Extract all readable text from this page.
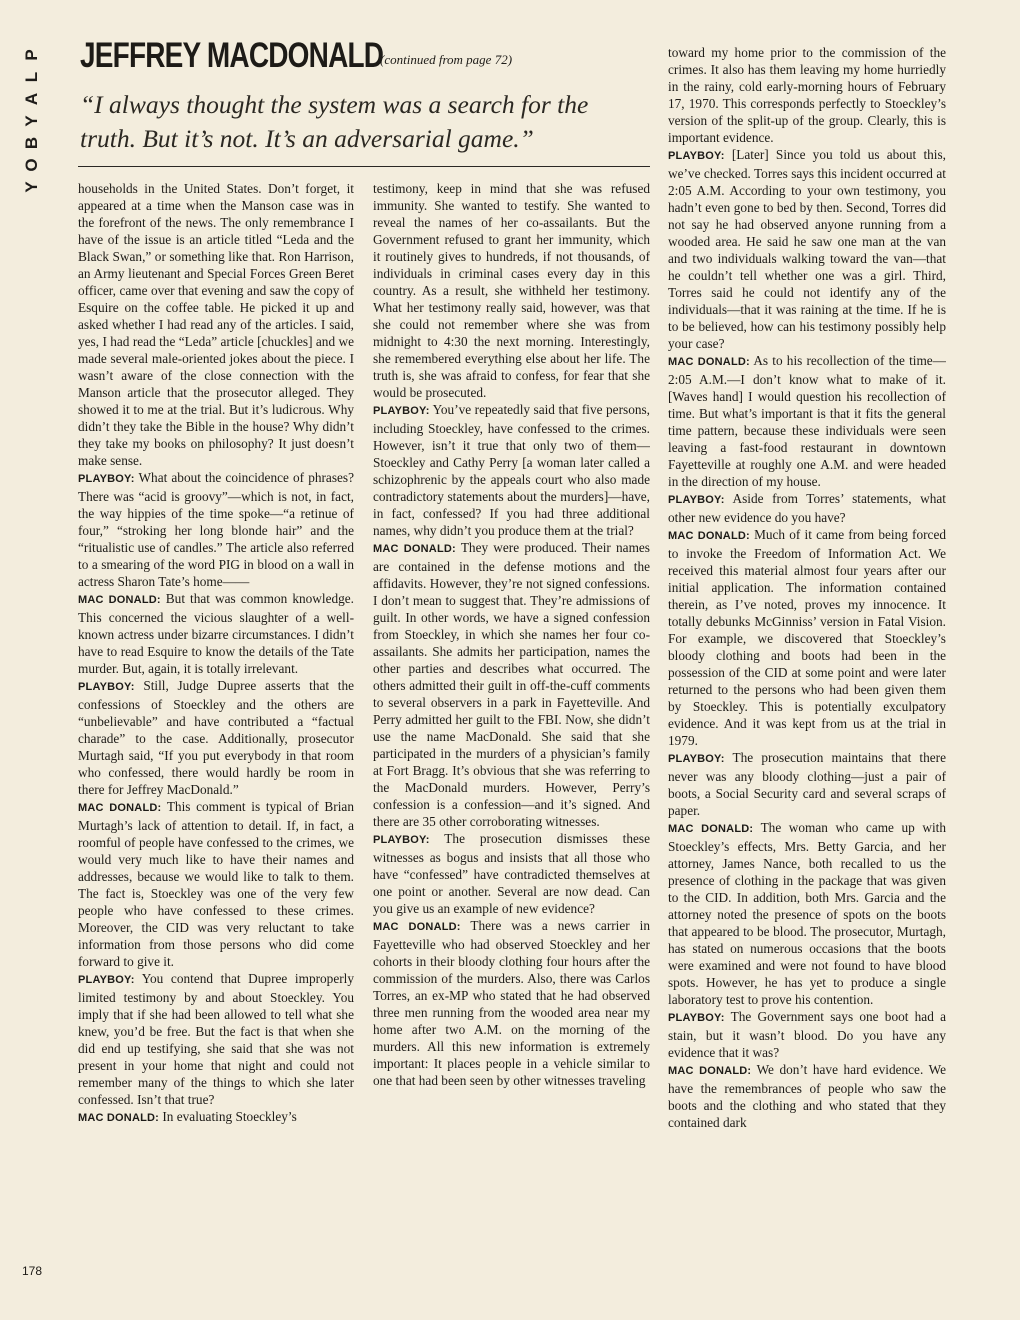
P
L
A
Y
B
O
Y
JEFFREY MACDONALD
(continued from page 72)
“I always thought the system was a search for the truth. But it’s not. It’s an adversarial game.”

households in the United States. Don’t forget, it appeared at a time when the Manson case was in the forefront of the news. The only remembrance I have of the issue is an article titled “Leda and the Black Swan,” or something like that. Ron Harrison, an Army lieutenant and Special Forces Green Beret officer, came over that evening and saw the copy of Esquire on the coffee table. He picked it up and asked whether I had read any of the articles. I said, yes, I had read the “Leda” article [chuckles] and we made several male-oriented jokes about the piece. I wasn’t aware of the close connection with the Manson article that the prosecutor alleged. They showed it to me at the trial. But it’s ludicrous. Why didn’t they take the Bible in the house? Why didn’t they take my books on philosophy? It just doesn’t make sense.

PLAYBOY: What about the coincidence of phrases? There was “acid is groovy”—which is not, in fact, the way hippies of the time spoke—“a retinue of four,” “stroking her long blonde hair” and the “ritualistic use of candles.” The article also referred to a smearing of the word PIG in blood on a wall in actress Sharon Tate’s home——

MAC DONALD: But that was common knowledge. This concerned the vicious slaughter of a well-known actress under bizarre circumstances. I didn’t have to read Esquire to know the details of the Tate murder. But, again, it is totally irrelevant.

PLAYBOY: Still, Judge Dupree asserts that the confessions of Stoeckley and the others are “unbelievable” and have contributed a “factual charade” to the case. Additionally, prosecutor Murtagh said, “If you put everybody in that room who confessed, there would hardly be room in there for Jeffrey MacDonald.”

MAC DONALD: This comment is typical of Brian Murtagh’s lack of attention to detail. If, in fact, a roomful of people have confessed to the crimes, we would very much like to have their names and addresses, because we would like to talk to them. The fact is, Stoeckley was one of the very few people who have confessed to these crimes. Moreover, the CID was very reluctant to take information from those persons who did come forward to give it.

PLAYBOY: You contend that Dupree improperly limited testimony by and about Stoeckley. You imply that if she had been allowed to tell what she knew, you’d be free. But the fact is that when she did end up testifying, she said that she was not present in your home that night and could not remember many of the things to which she later confessed. Isn’t that true?

MAC DONALD: In evaluating Stoeckley’s

testimony, keep in mind that she was refused immunity. She wanted to testify. She wanted to reveal the names of her co-assailants. But the Government refused to grant her immunity, which it routinely gives to hundreds, if not thousands, of individuals in criminal cases every day in this country. As a result, she withheld her testimony. What her testimony really said, however, was that she could not remember where she was from midnight to 4:30 the next morning. Interestingly, she remembered everything else about her life. The truth is, she was afraid to confess, for fear that she would be prosecuted.

PLAYBOY: You’ve repeatedly said that five persons, including Stoeckley, have confessed to the crimes. However, isn’t it true that only two of them—Stoeckley and Cathy Perry [a woman later called a schizophrenic by the appeals court who also made contradictory statements about the murders]—have, in fact, confessed? If you had three additional names, why didn’t you produce them at the trial?

MAC DONALD: They were produced. Their names are contained in the defense motions and the affidavits. However, they’re not signed confessions. I don’t mean to suggest that. They’re admissions of guilt. In other words, we have a signed confession from Stoeckley, in which she names her four co-assailants. She admits her participation, names the other parties and describes what occurred. The others admitted their guilt in off-the-cuff comments to several observers in a park in Fayetteville. And Perry admitted her guilt to the FBI. Now, she didn’t use the name MacDonald. She said that she participated in the murders of a physician’s family at Fort Bragg. It’s obvious that she was referring to the MacDonald murders. However, Perry’s confession is a confession—and it’s signed. And there are 35 other corroborating witnesses.

PLAYBOY: The prosecution dismisses these witnesses as bogus and insists that all those who have “confessed” have contradicted themselves at one point or another. Several are now dead. Can you give us an example of new evidence?

MAC DONALD: There was a news carrier in Fayetteville who had observed Stoeckley and her cohorts in their bloody clothing four hours after the commission of the murders. Also, there was Carlos Torres, an ex-MP who stated that he had observed three men running from the wooded area near my home after two A.M. on the morning of the murders. All this new information is extremely important: It places people in a vehicle similar to one that had been seen by other witnesses traveling

toward my home prior to the commission of the crimes. It also has them leaving my home hurriedly in the rainy, cold early-morning hours of February 17, 1970. This corresponds perfectly to Stoeckley’s version of the split-up of the group. Clearly, this is important evidence.

PLAYBOY: [Later] Since you told us about this, we’ve checked. Torres says this incident occurred at 2:05 A.M. According to your own testimony, you hadn’t even gone to bed by then. Second, Torres did not say he had observed anyone running from a wooded area. He said he saw one man at the van and two individuals walking toward the van—that he couldn’t tell whether one was a girl. Third, Torres said he could not identify any of the individuals—that it was raining at the time. If he is to be believed, how can his testimony possibly help your case?

MAC DONALD: As to his recollection of the time—2:05 A.M.—I don’t know what to make of it. [Waves hand] I would question his recollection of time. But what’s important is that it fits the general time pattern, because these individuals were seen leaving a fast-food restaurant in downtown Fayetteville at roughly one A.M. and were headed in the direction of my house.

PLAYBOY: Aside from Torres’ statements, what other new evidence do you have?

MAC DONALD: Much of it came from being forced to invoke the Freedom of Information Act. We received this material almost four years after our initial application. The information contained therein, as I’ve noted, proves my innocence. It totally debunks McGinniss’ version in Fatal Vision. For example, we discovered that Stoeckley’s bloody clothing and boots had been in the possession of the CID at some point and were later returned to the persons who had been given them by Stoeckley. This is potentially exculpatory evidence. And it was kept from us at the trial in 1979.

PLAYBOY: The prosecution maintains that there never was any bloody clothing—just a pair of boots, a Social Security card and several scraps of paper.

MAC DONALD: The woman who came up with Stoeckley’s effects, Mrs. Betty Garcia, and her attorney, James Nance, both recalled to us the presence of clothing in the package that was given to the CID. In addition, both Mrs. Garcia and the attorney noted the presence of spots on the boots that appeared to be blood. The prosecutor, Murtagh, has stated on numerous occasions that the boots were examined and were not found to have blood spots. However, he has yet to produce a single laboratory test to prove his contention.

PLAYBOY: The Government says one boot had a stain, but it wasn’t blood. Do you have any evidence that it was?

MAC DONALD: We don’t have hard evidence. We have the remembrances of people who saw the boots and the clothing and who stated that they contained dark

178
